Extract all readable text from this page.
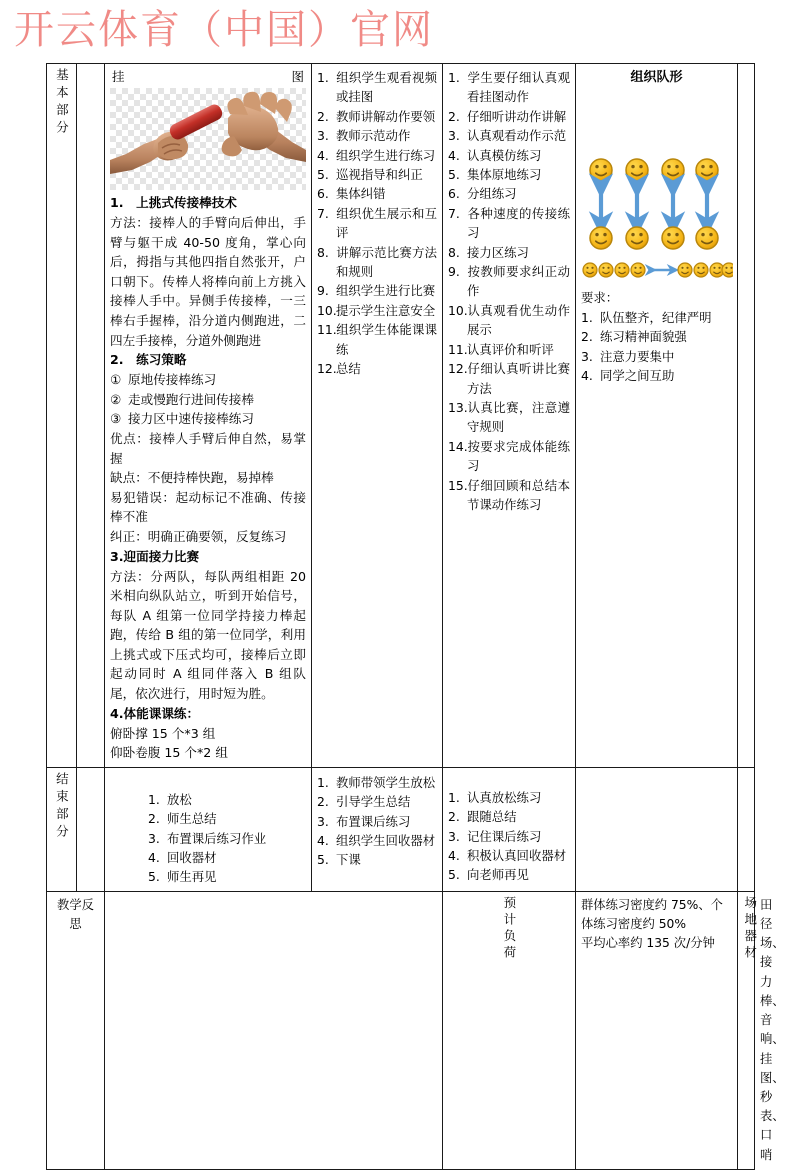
开云体育（中国）官网
基本部分		挂	图
1.　上挑式传接棒技术
方法：接棒人的手臂向后伸出，手臂与躯干成 40-50 度角，掌心向后，拇指与其他四指自然张开，户口朝下。传棒人将棒向前上方挑入接棒人手中。异侧手传接棒，一三棒右手握棒，沿分道内侧跑进，二四左手接棒，分道外侧跑进
2.　练习策略
① 原地传接棒练习
② 走或慢跑行进间传接棒
③ 接力区中速传接棒练习
优点：接棒人手臂后伸自然，易掌握
缺点：不便持棒快跑，易掉棒
易犯错误：起动标记不准确、传接棒不准
纠正：明确正确要领，反复练习
3.迎面接力比赛
方法：分两队，每队两组相距 20 米相向纵队站立，听到开始信号，每队 A 组第一位同学持接力棒起跑，传给 B 组的第一位同学，利用上挑式或下压式均可，接棒后立即起动同时 A 组同伴落入 B 组队尾，依次进行，用时短为胜。
4.体能课课练：
俯卧撑 15 个*3 组
仰卧卷腹 15 个*2 组

1. 组织学生观看视频或挂图
2. 教师讲解动作要领
3. 教师示范动作
4. 组织学生进行练习
5. 巡视指导和纠正
6. 集体纠错
7. 组织优生展示和互评
8. 讲解示范比赛方法和规则
9. 组织学生进行比赛
10.提示学生注意安全
11.组织学生体能课课练
12.总结

1. 学生要仔细认真观看挂图动作
2. 仔细听讲动作讲解
3. 认真观看动作示范
4. 认真模仿练习
5. 集体原地练习
6. 分组练习
7. 各种速度的传接练习
8. 接力区练习
9. 按教师要求纠正动作
10.认真观看优生动作展示
11.认真评价和听评
12.仔细认真听讲比赛方法
13.认真比赛，注意遵守规则
14.按要求完成体能练习
15.仔细回顾和总结本节课动作练习

组织队形
要求：
1. 队伍整齐，纪律严明
2. 练习精神面貌强
3. 注意力要集中
4. 同学之间互助

结束部分		1. 放松
2. 师生总结
3. 布置课后练习作业
4. 回收器材
5. 师生再见

1. 教师带领学生放松
2. 引导学生总结
3. 布置课后练习
4. 组织学生回收器材
5. 下课

1. 认真放松练习
2. 跟随总结
3. 记住课后练习
4. 积极认真回收器材
5. 向老师再见

教学反思				预计负荷	群体练习密度约 75%、个体练习密度约 50%
平均心率约 135 次/分钟	场地器材	田径场、接力棒、音响、挂图、秒表、口哨
